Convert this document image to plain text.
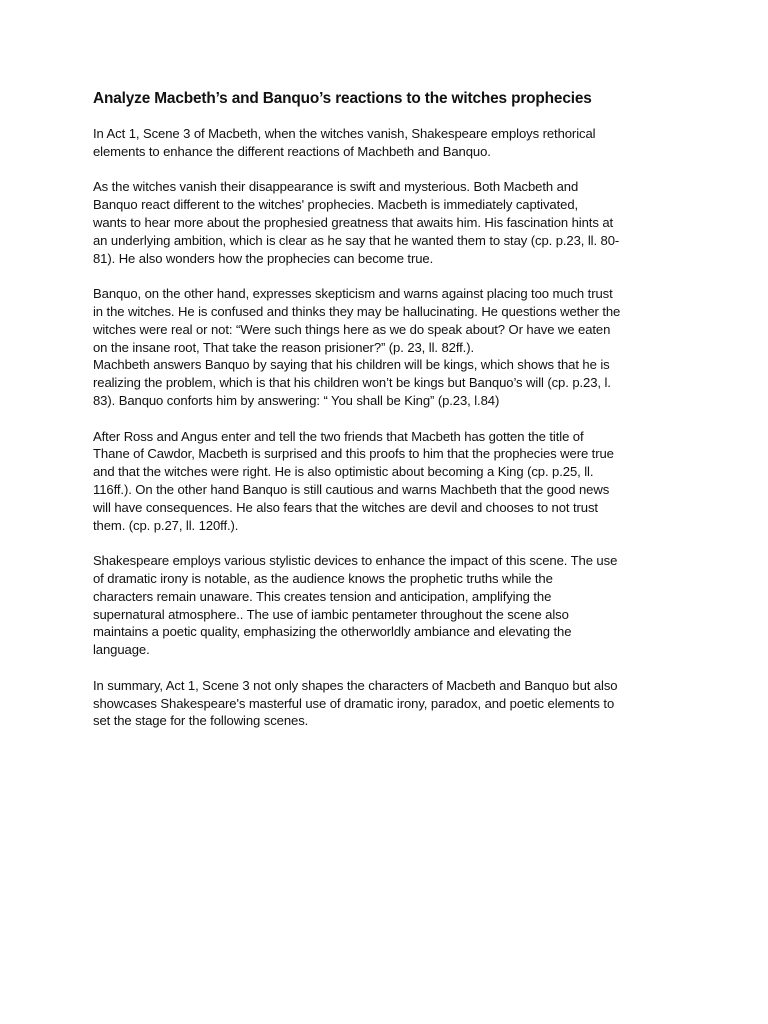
Analyze Macbeth’s and Banquo’s reactions to the witches prophecies
In Act 1, Scene 3 of Macbeth, when the witches vanish, Shakespeare employs rethorical
elements to enhance the different reactions of Machbeth and Banquo.
As the witches vanish their disappearance is swift and mysterious. Both Macbeth and
Banquo react different to the witches' prophecies. Macbeth is immediately captivated,
wants to hear more about the prophesied greatness that awaits him. His fascination hints at
an underlying ambition, which is clear as he say that he wanted them to stay (cp. p.23, ll. 80-
81). He also wonders how the prophecies can become true.
Banquo, on the other hand, expresses skepticism and warns against placing too much trust
in the witches. He is confused and thinks they may be hallucinating. He questions wether the
witches were real or not: “Were such things here as we do speak about? Or have we eaten
on the insane root, That take the reason prisioner?” (p. 23, ll. 82ff.).
Machbeth answers Banquo by saying that his children will be kings, which shows that he is
realizing the problem, which is that his children won’t be kings but Banquo’s will (cp. p.23, l.
83). Banquo conforts him by answering: “ You shall be King” (p.23, l.84)
After Ross and Angus enter and tell the two friends that Macbeth has gotten the title of
Thane of Cawdor, Macbeth is surprised and this proofs to him that the prophecies were true
and that the witches were right. He is also optimistic about becoming a King (cp. p.25, ll.
116ff.). On the other hand Banquo is still cautious and warns Machbeth that the good news
will have consequences. He also fears that the witches are devil and chooses to not trust
them. (cp. p.27, ll. 120ff.).
Shakespeare employs various stylistic devices to enhance the impact of this scene. The use
of dramatic irony is notable, as the audience knows the prophetic truths while the
characters remain unaware. This creates tension and anticipation, amplifying the
supernatural atmosphere.. The use of iambic pentameter throughout the scene also
maintains a poetic quality, emphasizing the otherworldly ambiance and elevating the
language.
In summary, Act 1, Scene 3 not only shapes the characters of Macbeth and Banquo but also
showcases Shakespeare's masterful use of dramatic irony, paradox, and poetic elements to
set the stage for the following scenes.
